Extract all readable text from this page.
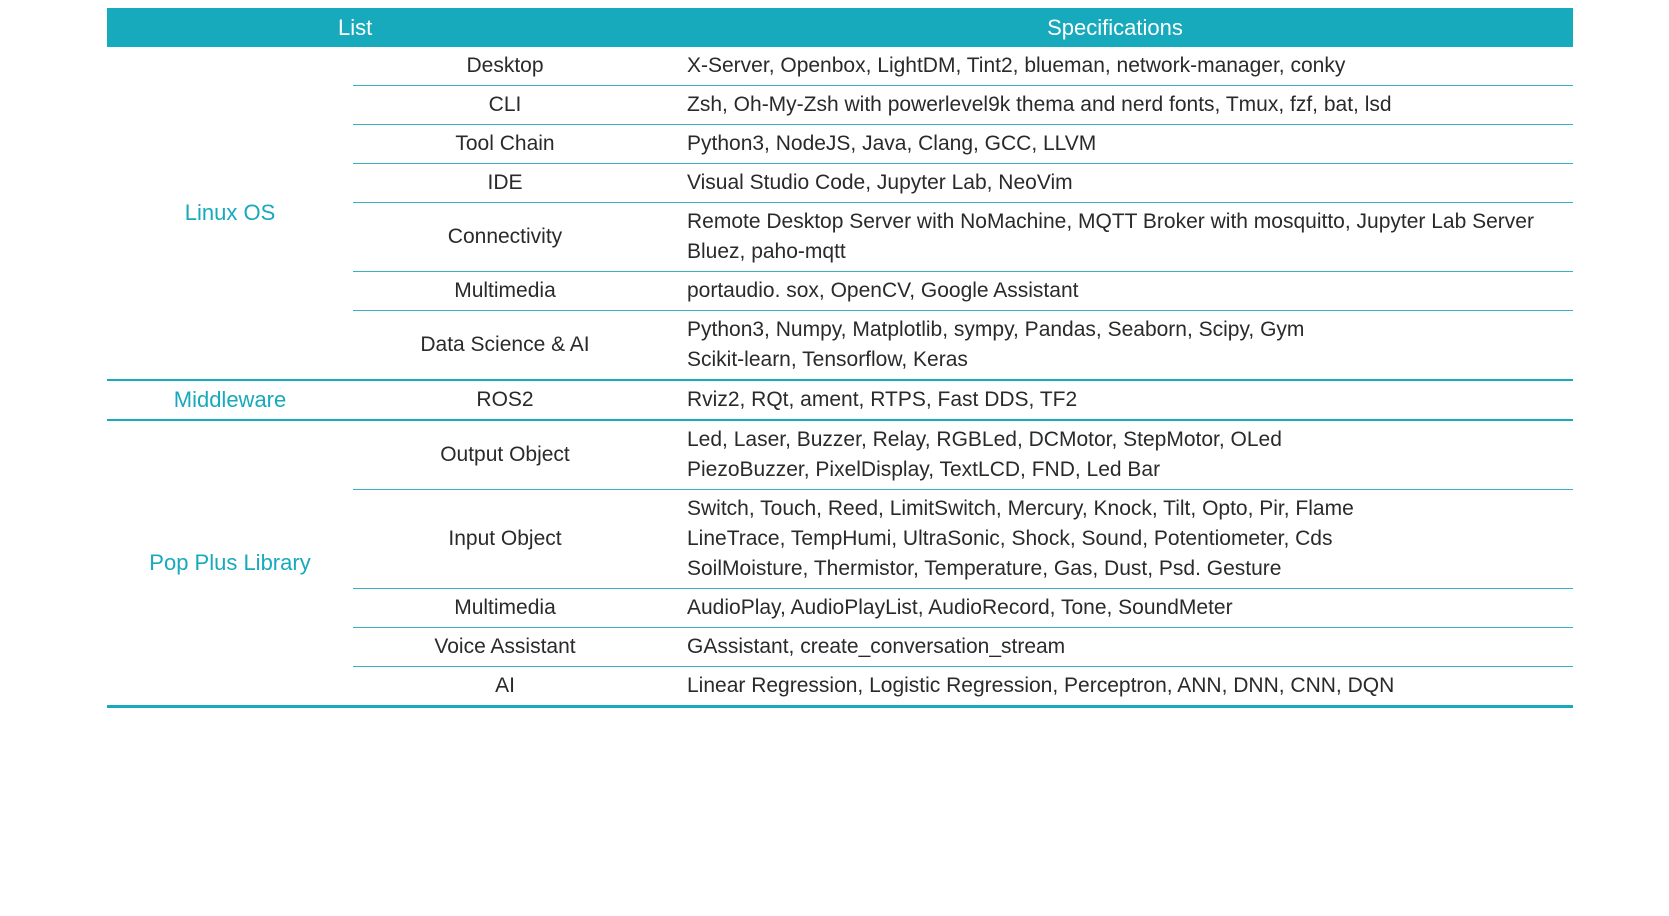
	List	Specifications
Linux OS	Desktop	X-Server, Openbox, LightDM, Tint2, blueman, network-manager, conky

	CLI	Zsh, Oh-My-Zsh with powerlevel9k thema and nerd fonts, Tmux, fzf, bat, lsd

	Tool Chain	Python3, NodeJS, Java, Clang, GCC, LLVM

	IDE	Visual Studio Code, Jupyter Lab, NeoVim

	Connectivity	Remote Desktop Server with NoMachine, MQTT Broker with mosquitto, Jupyter Lab Server
Bluez, paho-mqtt

	Multimedia	portaudio. sox, OpenCV, Google Assistant

	Data Science & AI	Python3, Numpy, Matplotlib, sympy, Pandas, Seaborn, Scipy, Gym
Scikit-learn, Tensorflow, Keras

Middleware	ROS2	Rviz2, RQt, ament, RTPS, Fast DDS, TF2

Pop Plus Library	Output Object	Led, Laser, Buzzer, Relay, RGBLed, DCMotor, StepMotor, OLed
PiezoBuzzer, PixelDisplay, TextLCD, FND, Led Bar

	Input Object	Switch, Touch, Reed, LimitSwitch, Mercury, Knock, Tilt, Opto, Pir, Flame
LineTrace, TempHumi, UltraSonic, Shock, Sound, Potentiometer, Cds
SoilMoisture, Thermistor, Temperature, Gas, Dust, Psd. Gesture

	Multimedia	AudioPlay, AudioPlayList, AudioRecord, Tone, SoundMeter

	Voice Assistant	GAssistant, create_conversation_stream

	AI	Linear Regression, Logistic Regression, Perceptron, ANN, DNN, CNN, DQN
